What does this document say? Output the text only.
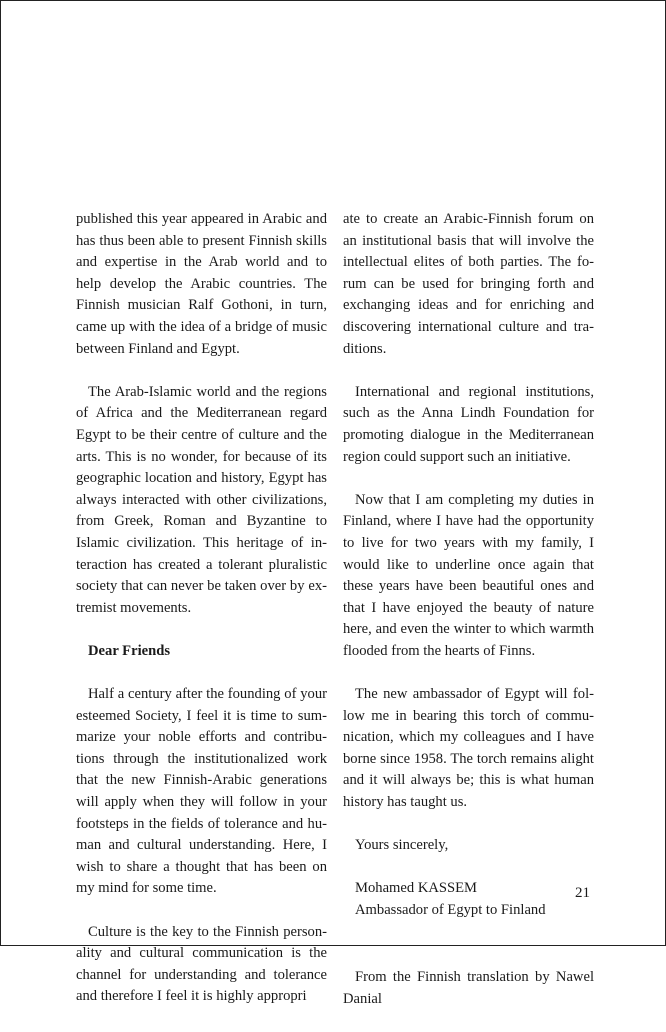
published this year appeared in Arabic and has thus been able to present Finnish skills and expertise in the Arab world and to help develop the Arabic countries. The Finnish musician Ralf Gothoni, in turn, came up with the idea of a bridge of music between Finland and Egypt.

The Arab-Islamic world and the regions of Africa and the Mediterranean regard Egypt to be their centre of culture and the arts. This is no wonder, for because of its geographic location and history, Egypt has always interacted with other civilizations, from Greek, Roman and Byzantine to Islamic civilization. This heritage of interaction has created a tolerant pluralistic society that can never be taken over by extremist movements.

Dear Friends

Half a century after the founding of your esteemed Society, I feel it is time to summarize your noble efforts and contributions through the institutionalized work that the new Finnish-Arabic generations will apply when they will follow in your footsteps in the fields of tolerance and human and cultural understanding. Here, I wish to share a thought that has been on my mind for some time.

Culture is the key to the Finnish personality and cultural communication is the channel for understanding and tolerance and therefore I feel it is highly appropri

ate to create an Arabic-Finnish forum on an institutional basis that will involve the intellectual elites of both parties. The forum can be used for bringing forth and exchanging ideas and for enriching and discovering international culture and traditions.

International and regional institutions, such as the Anna Lindh Foundation for promoting dialogue in the Mediterranean region could support such an initiative.

Now that I am completing my duties in Finland, where I have had the opportunity to live for two years with my family, I would like to underline once again that these years have been beautiful ones and that I have enjoyed the beauty of nature here, and even the winter to which warmth flooded from the hearts of Finns.

The new ambassador of Egypt will follow me in bearing this torch of communication, which my colleagues and I have borne since 1958. The torch remains alight and it will always be; this is what human history has taught us.

Yours sincerely,
Mohamed KASSEM
Ambassador of Egypt to Finland

From the Finnish translation by Nawel Danial

21
